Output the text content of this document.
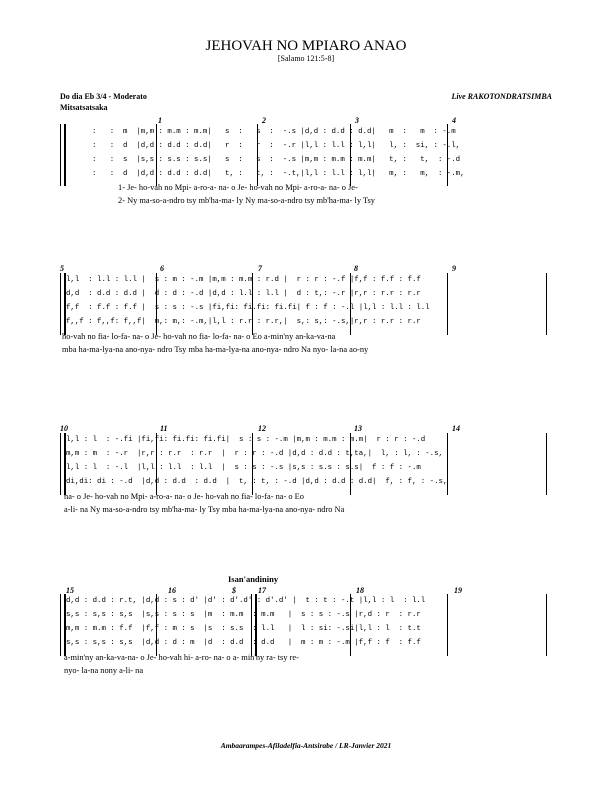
JEHOVAH NO MPIARO ANAO
[Salamo 121:5-8]
Do dia Eb 3/4 - Moderato	Live RAKOTONDRATSIMBA
Mitsatsatsaka
1	2	3	4
:   :  m  |m,m : m.m : m.m|   s  :   s  :  -.s |d,d : d.d : d.d|   m  :   m  : -.m
:   :  d  |d,d : d.d : d.d|   r  :   r  :  -.r |l,l : l.l : l,l|   l, :  si, : -.l,
:   :  s  |s,s : s.s : s.s|   s  :   s  :  -.s |m,m : m.m : m.m|   t, :   t,  : -.d
:   :  d  |d,d : d.d : d.d|   t, :   t, :  -.t,|l,l : l.l : l,l|   m, :   m,  : -.m,
1- Je- ho-vah no Mpi- a-ro-a- na- o Je- ho-vah no Mpi- a-ro-a- na- o Je-
2- Ny ma-so-a-ndro tsy mb'ha-ma- ly Ny ma-so-a-ndro tsy mb'ha-ma- ly Tsy
5	6	7	8	9
l,l  : l.l : l.l |  s : m : -.m |m,m : m.m : r.d |  r : r : -.f |f,f : f.f : f.f
d,d  : d.d : d.d |  d : d : -.d |d,d : l.l : l.l |  d : t,: -.r |r,r : r.r : r.r
f,f  : f.f : f.f |  s : s : -.s |fi,fi: fi.fi: fi.fi| f : f : -.l |l,l : l.l : l.l
f,,f : f,,f: f,,f|  m,: m,: -.m,|l,l : r.r : r.r,|  s,: s,: -.s,|r,r : r.r : r.r
ho-vah no fia- lo-fa- na- o Je- ho-vah no fia- lo-fa- na- o Eo a-min'ny an-ka-va-na
mba ha-ma-lya-na ano-nya- ndro Tsy mba ha-ma-lya-na ano-nya- ndro Na nyo- la-na ao-ny
10	11	12	13	14
l,l : l  : -.fi |fi,fi: fi.fi: fi.fi|  s : s : -.m |m,m : m.m : m.m|  r : r : -.d
m,m : m  : -.r  |r,r : r.r  : r.r  |  r : r : -.d |d,d : d.d : t,ta,|  l, : l, : -.s,
l,l : l  : -.l  |l,l : l.l  : l.l  |  s : s : -.s |s,s : s.s : s.s|  f : f : -.m
di,di: di : -.d  |d,d : d.d  : d.d  |  t, : t, : -.d |d,d : d.d : d.d|  f, : f, : -.s,
na- o Je- ho-vah no Mpi- a-ro-a- na- o Je- ho-vah no fia- lo-fa- na- o Eo
a-li- na Ny ma-so-a-ndro tsy mb'ha-ma- ly Tsy mba ha-ma-lya-na ano-nya- ndro Na
Isan'andininy
15	16	$	17	18	19
d,d : d.d : r.t, |d,d : s : d' |d' : d'.d' : d'.d' |  t : t : -.t |l,l : l  : l.l
s,s : s,s : s,s  |s,s : s : s  |m  : m.m  : m.m   |  s : s : -.s |r,d : r  : r.r
m,m : m.m : f.f  |f,f : m : s  |s  : s.s  : l.l   |  l : si: -.si|l,l : l  : t.t
s,s : s,s : s,s  |d,d : d : m  |d  : d.d  : d.d   |  m : m : -.m |f,f : f  : f.f
a-min'ny an-ka-va-na- o Je- ho-vah hi- a-ro- na- o a- min'ny ra- tsy re-
nyo- la-na nony a-li- na
Ambaarampes-Afiladelfia-Antsirabe / LR-Janvier 2021
